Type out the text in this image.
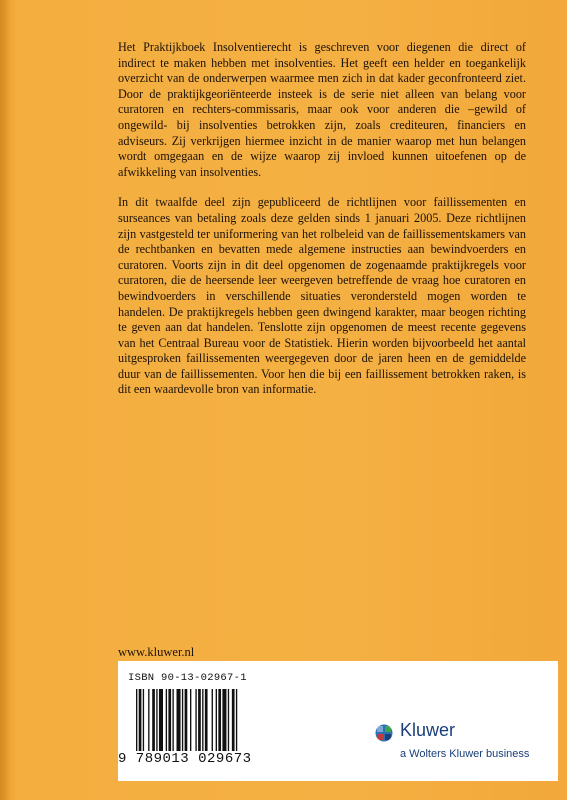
Het Praktijkboek Insolventierecht is geschreven voor diegenen die direct of indirect te maken hebben met insolventies. Het geeft een helder en toegankelijk overzicht van de onderwerpen waarmee men zich in dat kader geconfronteerd ziet. Door de praktijkgeoriënteerde insteek is de serie niet alleen van belang voor curatoren en rechters-commissaris, maar ook voor anderen die –gewild of ongewild- bij insolventies betrokken zijn, zoals crediteuren, financiers en adviseurs. Zij verkrijgen hiermee inzicht in de manier waarop met hun belangen wordt omgegaan en de wijze waarop zij invloed kunnen uitoefenen op de afwikkeling van insolventies.

In dit twaalfde deel zijn gepubliceerd de richtlijnen voor faillissementen en surseances van betaling zoals deze gelden sinds 1 januari 2005. Deze richtlijnen zijn vastgesteld ter uniformering van het rolbeleid van de faillissementskamers van de rechtbanken en bevatten mede algemene instructies aan bewindvoerders en curatoren. Voorts zijn in dit deel opgenomen de zogenaamde praktijkregels voor curatoren, die de heersende leer weergeven betreffende de vraag hoe curatoren en bewindvoerders in verschillende situaties verondersteld mogen worden te handelen. De praktijkregels hebben geen dwingend karakter, maar beogen richting te geven aan dat handelen. Tenslotte zijn opgenomen de meest recente gegevens van het Centraal Bureau voor de Statistiek. Hierin worden bijvoorbeeld het aantal uitgesproken faillissementen weergegeven door de jaren heen en de gemiddelde duur van de faillissementen. Voor hen die bij een faillissement betrokken raken, is dit een waardevolle bron van informatie.

www.kluwer.nl
ISBN 90-13-02967-1
9 789013 029673
Kluwer
a Wolters Kluwer business
